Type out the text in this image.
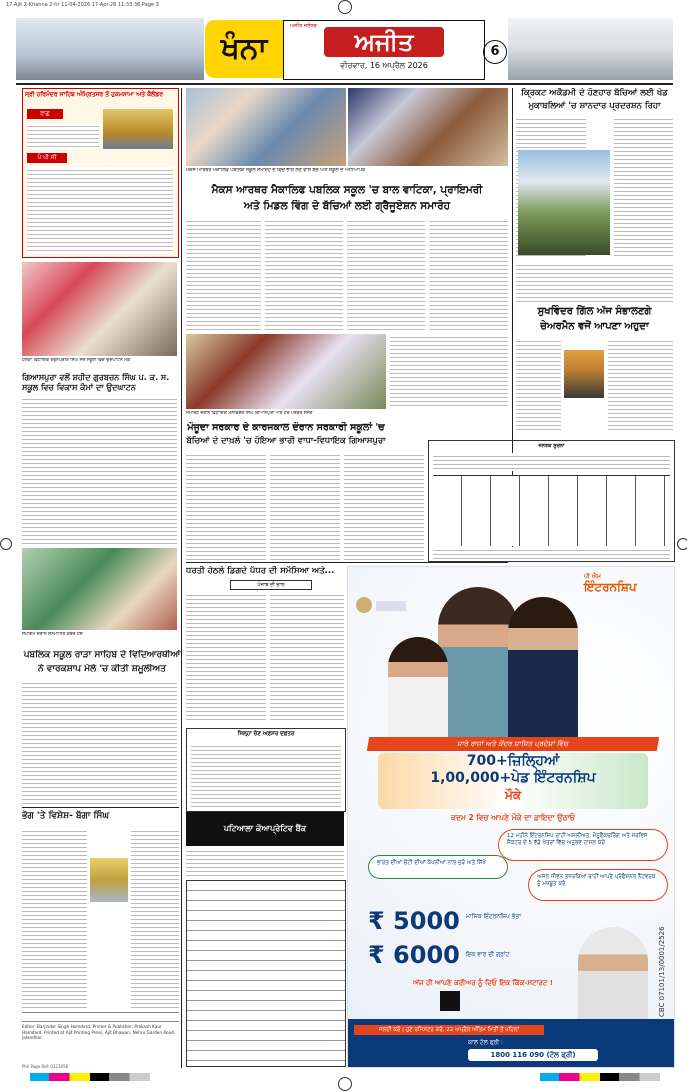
17-Ajit 2-Khanna 2-hr 11-04-2026 17-Apr-26 11:33:36 Page 3
ਖੰਨਾ
ਅਜੀਤ ਜਲੰਧਰ
ਅਜੀਤ
ਵੀਰਵਾਰ, 16 ਅਪ੍ਰੈਲ 2026
6
ਸ੍ਰੀ ਹਰਿਮੰਦਰ ਸਾਹਿਬ ਅੰਮ੍ਰਿਤਸਰ ਤੋਂ ਹੁਕਮਨਾਮਾ ਅਤੇ ਕੈਲੰਡਰ
ਰਾਗੁ
ਪੰ ਪੀ ਸੀ
ਹਲਕਾ ਵਿਧਾਇਕ ਤਰੁਨਪ੍ਰੀਤ ਸਿੰਘ ਸੌਂਦ ਸਕੂਲ ਵਿੱਚ ਉਦਘਾਟਨ ਮੌਕੇ
ਗਿਆਸਪੁਰਾ ਵਲੋਂ ਸ਼ਹੀਦ ਗੁਰਬਚਨ ਸਿੰਘ ਪ. ਕ. ਸ. ਸਕੂਲ ਵਿਚ ਵਿਕਾਸ ਕੰਮਾਂ ਦਾ ਉਦਘਾਟਨ
ਸਮਾਗਮ ਦੌਰਾਨ ਸਨਮਾਨਿਤ ਕਰਦੇ ਹੋਏ
ਪਬਲਿਕ ਸਕੂਲ ਰਾੜਾ ਸਾਹਿਬ ਦੇ ਵਿਦਿਆਰਥੀਆਂ
ਨੇ ਵਾਰਕਸ਼ਾਪ ਮੇਲੇ 'ਚ ਕੀਤੀ ਸ਼ਮੂਲੀਅਤ
ਭੋਗ 'ਤੇ ਵਿਸ਼ੇਸ਼- ਬੱਗਾ ਸਿੰਘ
Editor: Barjinder Singh Hamdard, Printer & Publisher: Prakash Kaur Hamdard. Printed at Ajit Printing Press, Ajit Bhawan, Nehru Garden Road, Jalandhar.
Phil Page Ref: 0123456
ਮੈਕਸ ਆਰਥਰ ਮੈਕਾਲਿਫ ਪਬਲਿਕ ਸਕੂਲ ਸਮਾਰੋਹ ਦੇ ਵਿੱਚ ਭਾਗ ਲੈਣ ਵਾਲੇ ਬੱਚੇ ਅਤੇ ਸਕੂਲ ਦੇ ਅਧਿਆਪਕ
ਮੈਕਸ ਆਰਥਰ ਮੈਕਾਲਿਫ ਪਬਲਿਕ ਸਕੂਲ 'ਚ ਬਾਲ ਵਾਟਿਕਾ, ਪ੍ਰਾਇਮਰੀ
ਅਤੇ ਮਿਡਲ ਵਿੰਗ ਦੇ ਬੱਚਿਆਂ ਲਈ ਗ੍ਰੈਜੂਏਸ਼ਨ ਸਮਾਰੋਹ
ਸਮਾਰੋਹ ਦੌਰਾਨ ਵਿਧਾਇਕ ਮਨਵਿੰਦਰ ਸਿੰਘ ਗਿਆਸਪੁਰਾ ਅਤੇ ਹੋਰ ਪਤਵੰਤੇ ਸੱਜਣ
ਮੌਜੂਦਾ ਸਰਕਾਰ ਦੇ ਕਾਰਜਕਾਲ ਦੌਰਾਨ ਸਰਕਾਰੀ ਸਕੂਲਾਂ 'ਚ
ਬੱਚਿਆਂ ਦੇ ਦਾਖ਼ਲੇ 'ਚ ਹੋਇਆ ਭਾਰੀ ਵਾਧਾ-ਵਿਧਾਇਕ ਗਿਆਸਪੁਰਾ
ਕ੍ਰਿਕਟ ਅਕੈਡਮੀ ਦੇ ਹੋਣਹਾਰ ਬੱਚਿਆਂ ਲਈ ਖੇਡ
ਮੁਕਾਬਲਿਆਂ 'ਚ ਸ਼ਾਨਦਾਰ ਪ੍ਰਦਰਸ਼ਨ ਰਿਹਾ
ਸੁਖਵਿੰਦਰ ਗਿੱਲ ਅੱਜ ਸੰਭਾਲਣਗੇ
ਚੇਅਰਮੈਨ ਵਜੋਂ ਆਪਣਾ ਅਹੁਦਾ
ਜਨਤਕ ਸੂਚਨਾ
ਧਰਤੀ ਹੇਠਲੇ ਡਿਗਦੇ ਪੱਧਰ ਦੀ ਸਮੱਸਿਆ ਅਤੇ...
ਪੰਜਾਬ ਦੀ ਚਾਲ
ਜ਼ਿਲ੍ਹਾ ਚੋਣ ਅਫ਼ਸਰ ਦਫ਼ਤਰ
ਪਟਿਆਲਾ ਕੋਆਪ੍ਰੇਟਿਵ ਬੈਂਕ
ਪੀ ਐਮ
ਇੰਟਰਨਸ਼ਿਪ
ਸਾਰੇ ਰਾਜਾਂ ਅਤੇ ਕੇਂਦਰ ਸ਼ਾਸਿਤ ਪ੍ਰਦੇਸ਼ਾਂ ਵਿੱਚ
700+ਜ਼ਿਲ੍ਹਿਆਂ
1,00,000+ਪੇਡ ਇੰਟਰਨਸ਼ਿਪ
ਮੌਕੇ
ਕਦਮ 2 ਵਿਚ ਆਪਣੇ ਮੌਕੇ ਦਾ ਫ਼ਾਇਦਾ ਉਠਾਓ
12 ਮਹੀਨੇ ਇੰਟਰਨਸ਼ਿਪ ਰਾਹੀਂ ਅਸਲੀਅਤ, ਮੈਨੂਫੈਕਚਰਿੰਗ ਅਤੇ ਸਰਵਿਸ ਸੈਕਟਰ ਦੇ 5 ਵੱਡੇ ਖੇਤਰਾਂ ਵਿੱਚ ਅਨੁਭਵ ਹਾਸਲ ਕਰੋ
ਭਾਰਤ ਦੀਆਂ ਚੋਟੀ ਦੀਆਂ ਕੰਪਨੀਆਂ ਨਾਲ ਜੁੜੋ ਅਤੇ ਸਿੱਖੋ
ਅਸਲ ਜੀਵਨ ਤਜਰਬਿਆਂ ਰਾਹੀਂ ਆਪਣੇ ਪ੍ਰੋਫੈਸ਼ਨਲ ਨੈੱਟਵਰਕ ਨੂੰ ਮਜ਼ਬੂਤ ਕਰੋ
₹ 5000 ਮਾਸਿਕ ਇੰਟਰਨਸ਼ਿਪ ਭੱਤਾ
₹ 6000 ਇਕ ਵਾਰ ਦੀ ਗ੍ਰਾਂਟ
ਅੱਜ ਹੀ ਆਪਣੇ ਕਰੀਅਰ ਨੂੰ ਦਿਓ ਇਕ ਕਿੱਕ-ਸਟਾਰਟ !	CBC 07101/13/0001/2526
ਜਲਦੀ ਕਰੋ | ਹੁਣੇ ਰਜਿਸਟਰ ਕਰੋ, 22 ਅਪ੍ਰੈਲ ਅੰਤਿਮ ਮਿਤੀ ਤੋਂ ਪਹਿਲਾਂ
ਕਾਲ ਟੋਲ ਫ੍ਰੀ :
1800 116 090 (ਟੋਲ ਫ੍ਰੀ)
